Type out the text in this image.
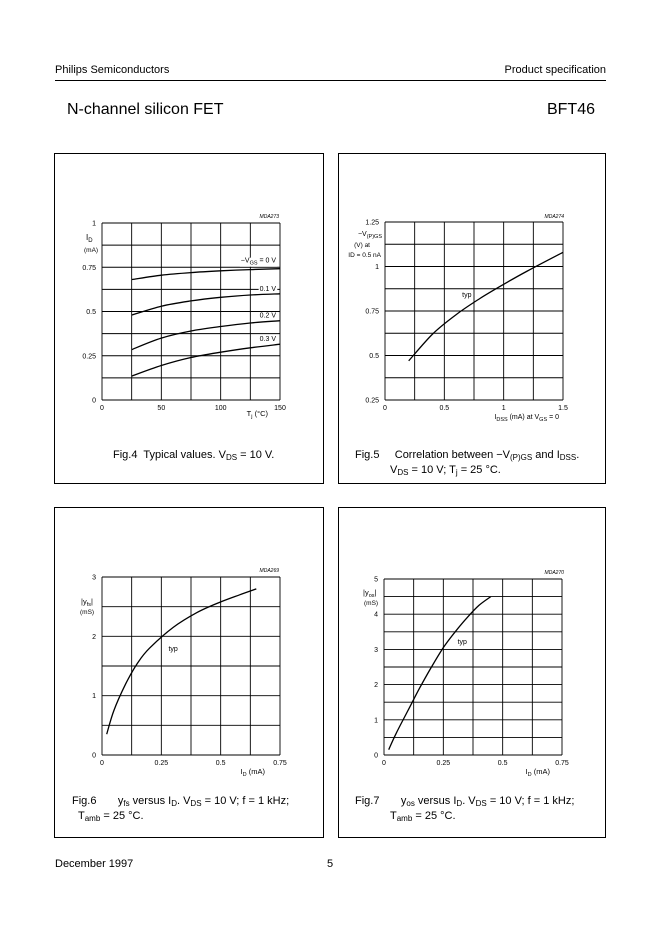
Philips Semiconductors	Product specification
N-channel silicon FET	BFT46
MDA273
$I_D$
(mA)
$T_j$ (°C)
0
0.25
0.5
0.75
1
0	50	100	150
$-V_{GS} = 0$ V
0.1 V
0.2 V
0.3 V
Fig.4 Typical values. $V_{DS} = 10$ V.
MDA274
$-V_{(P)GS}$
(V) at
ID = 0.5 nA
$I_{DSS}$ (mA) at $V_{GS} = 0$
0.25
0.5
0.75
1
1.25
0	0.5	1	1.5
typ
Fig.5 Correlation between $-V_{(P)GS}$ and $I_{DSS}$.
$V_{DS} = 10$ V; $T_j = 25$ °C.
MDA269
$|y_{fs}|$
(mS)
$I_D$ (mA)
0
1
2
3
0	0.25	0.5	0.75
typ
Fig.6 $y_{fs}$ versus $I_D$. $V_{DS} = 10$ V; f = 1 kHz;
$T_{amb} = 25$ °C.
MDA270
$|y_{os}|$
(mS)
$I_D$ (mA)
0
1
2
3
4
5
0	0.25	0.5	0.75
typ
Fig.7 $y_{os}$ versus $I_D$. $V_{DS} = 10$ V; f = 1 kHz;
$T_{amb} = 25$ °C.
December 1997	5
